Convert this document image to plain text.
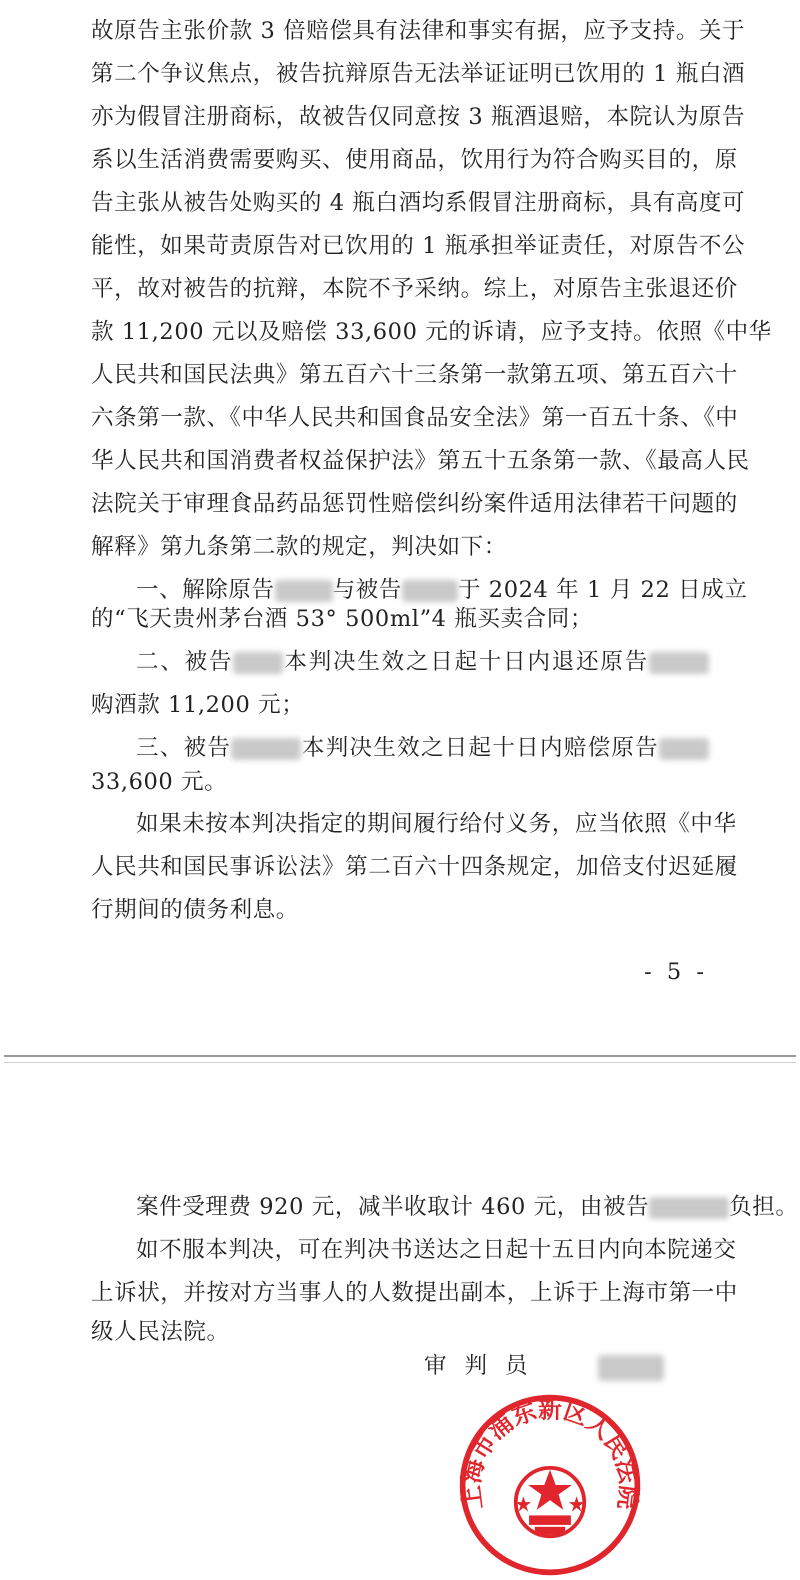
故原告主张价款 3 倍赔偿具有法律和事实有据，应予支持。关于
第二个争议焦点，被告抗辩原告无法举证证明已饮用的 1 瓶白酒
亦为假冒注册商标，故被告仅同意按 3 瓶酒退赔，本院认为原告
系以生活消费需要购买、使用商品，饮用行为符合购买目的，原
告主张从被告处购买的 4 瓶白酒均系假冒注册商标，具有高度可
能性，如果苛责原告对已饮用的 1 瓶承担举证责任，对原告不公
平，故对被告的抗辩，本院不予采纳。综上，对原告主张退还价
款 11,200 元以及赔偿 33,600 元的诉请，应予支持。依照《中华
人民共和国民法典》第五百六十三条第一款第五项、第五百六十
六条第一款、《中华人民共和国食品安全法》第一百五十条、《中
华人民共和国消费者权益保护法》第五十五条第一款、《最高人民
法院关于审理食品药品惩罚性赔偿纠纷案件适用法律若干问题的
解释》第九条第二款的规定，判决如下：
一、解除原告	与被告 于 2024 年 1 月 22 日成立
的“飞天贵州茅台酒 53° 500ml”4 瓶买卖合同；
二、被告 本判决生效之日起十日内退还原告
购酒款 11,200 元；
三、被告	本判决生效之日起十日内赔偿原告
33,600 元。
如果未按本判决指定的期间履行给付义务，应当依照《中华
人民共和国民事诉讼法》第二百六十四条规定，加倍支付迟延履
行期间的债务利息。
- 5 -
案件受理费 920 元，减半收取计 460 元，由被告	负担。
如不服本判决，可在判决书送达之日起十五日内向本院递交
上诉状，并按对方当事人的人数提出副本，上诉于上海市第一中
级人民法院。
审判员
上海市浦东新区人民法院
